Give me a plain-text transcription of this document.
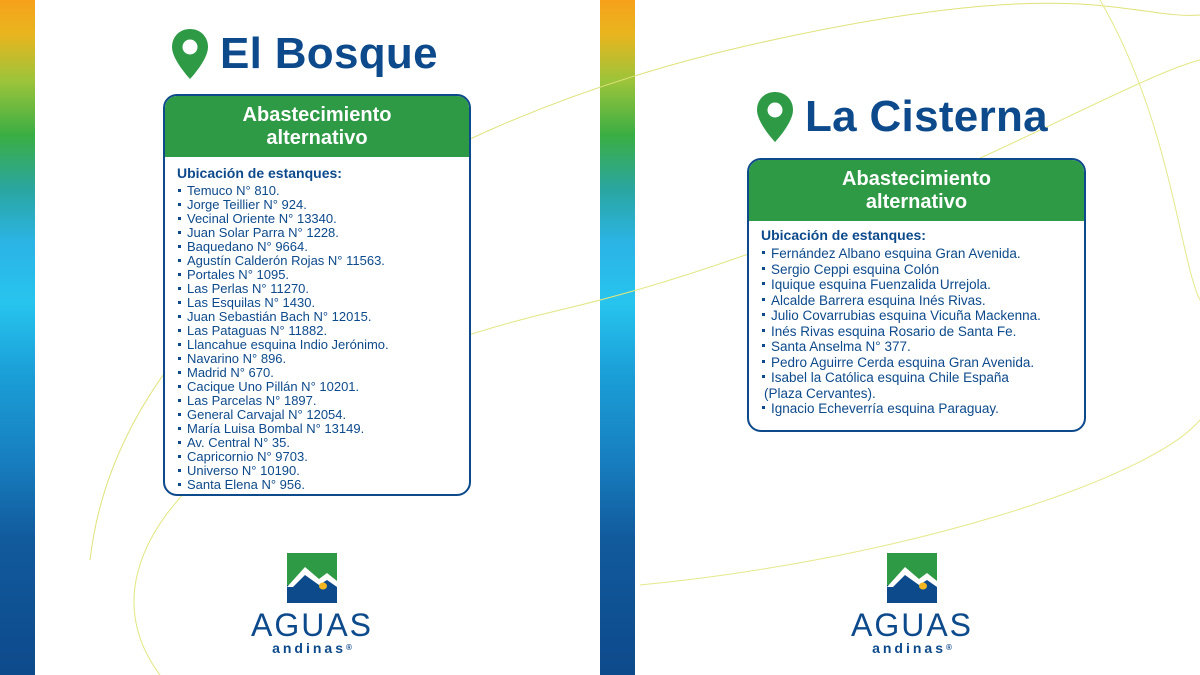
El Bosque
Abastecimiento alternativo
Ubicación de estanques:
Temuco N° 810.
Jorge Teillier N° 924.
Vecinal Oriente N° 13340.
Juan Solar Parra N° 1228.
Baquedano N° 9664.
Agustín Calderón Rojas N° 11563.
Portales N° 1095.
Las Perlas N° 11270.
Las Esquilas N° 1430.
Juan Sebastián Bach N° 12015.
Las Pataguas N° 11882.
Llancahue esquina Indio Jerónimo.
Navarino N° 896.
Madrid N° 670.
Cacique Uno Pillán N° 10201.
Las Parcelas N° 1897.
General Carvajal N° 12054.
María Luisa Bombal N° 13149.
Av. Central N° 35.
Capricornio N° 9703.
Universo N° 10190.
Santa Elena N° 956.
AGUAS
andinas®
La Cisterna
Abastecimiento alternativo
Ubicación de estanques:
Fernández Albano esquina Gran Avenida.
Sergio Ceppi esquina Colón
Iquique esquina Fuenzalida Urrejola.
Alcalde Barrera esquina Inés Rivas.
Julio Covarrubias esquina Vicuña Mackenna.
Inés Rivas esquina Rosario de Santa Fe.
Santa Anselma N° 377.
Pedro Aguirre Cerda esquina Gran Avenida.
Isabel la Católica esquina Chile España
(Plaza Cervantes).
Ignacio Echeverría esquina Paraguay.
AGUAS
andinas®
